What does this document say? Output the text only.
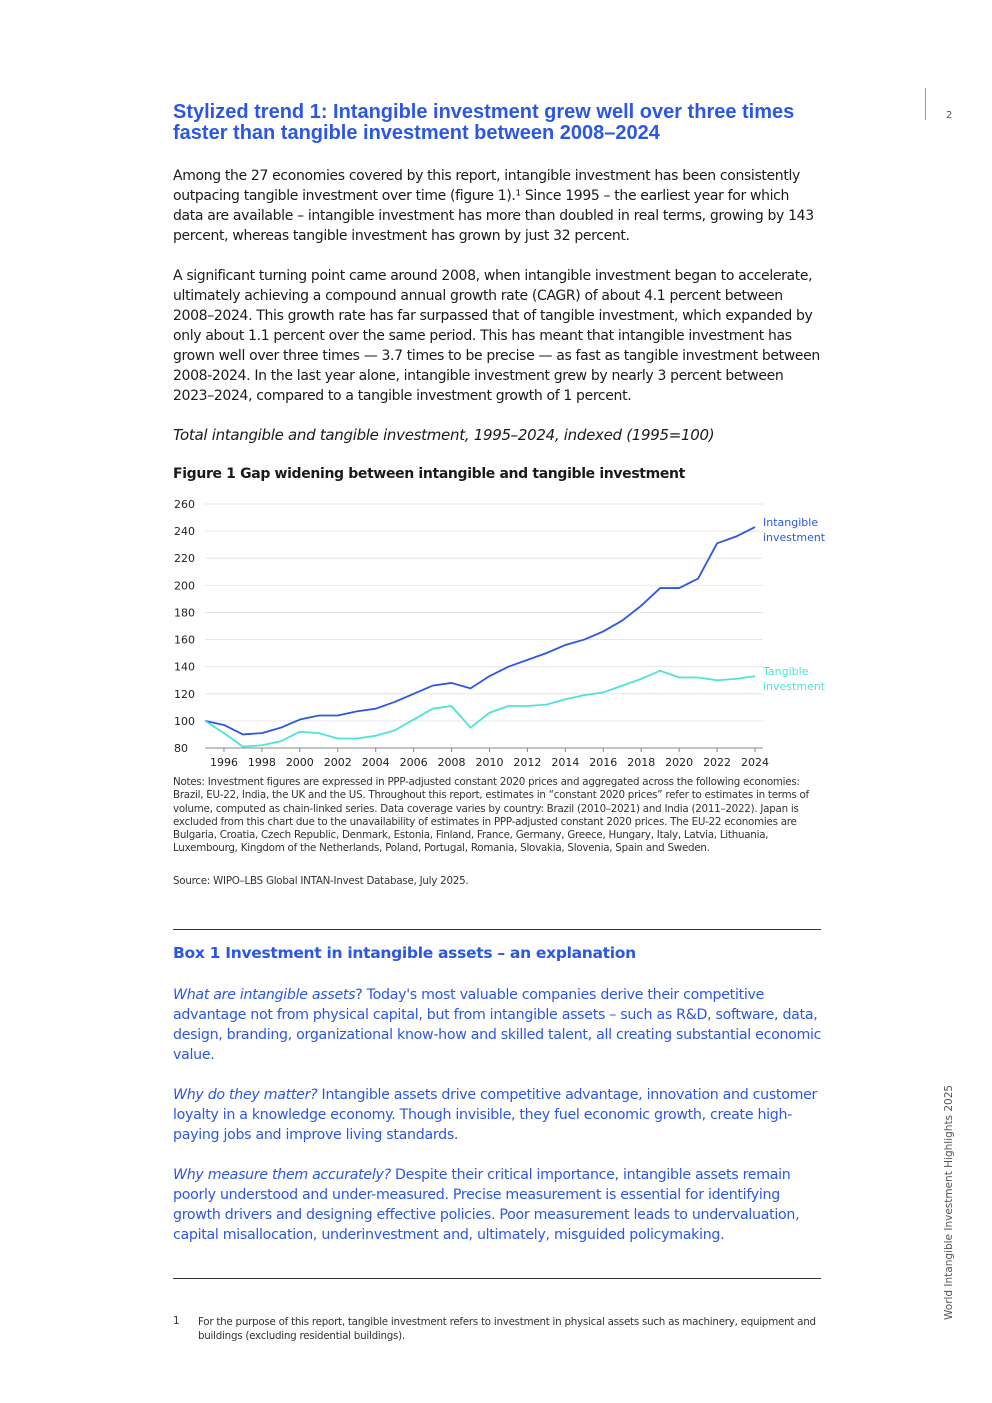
2
World Intangible Investment Highlights 2025
Stylized trend 1: Intangible investment grew well over three times faster than tangible investment between 2008–2024

Among the 27 economies covered by this report, intangible investment has been consistently outpacing tangible investment over time (figure 1).¹ Since 1995 – the earliest year for which data are available – intangible investment has more than doubled in real terms, growing by 143 percent, whereas tangible investment has grown by just 32 percent.

A significant turning point came around 2008, when intangible investment began to accelerate, ultimately achieving a compound annual growth rate (CAGR) of about 4.1 percent between 2008–2024. This growth rate has far surpassed that of tangible investment, which expanded by only about 1.1 percent over the same period. This has meant that intangible investment has grown well over three times — 3.7 times to be precise — as fast as tangible investment between 2008-2024. In the last year alone, intangible investment grew by nearly 3 percent between 2023–2024, compared to a tangible investment growth of 1 percent.

Total intangible and tangible investment, 1995–2024, indexed (1995=100)

Figure 1 Gap widening between intangible and tangible investment

80
100
120
140
160
180
200
220
240
260
1996 1998 2000 2002 2004 2006 2008 2010 2012 2014 2016 2018 2020 2022 2024
Intangible
investment
Tangible
investment

Notes: Investment figures are expressed in PPP-adjusted constant 2020 prices and aggregated across the following economies: Brazil, EU-22, India, the UK and the US. Throughout this report, estimates in “constant 2020 prices” refer to estimates in terms of volume, computed as chain-linked series. Data coverage varies by country: Brazil (2010–2021) and India (2011–2022). Japan is excluded from this chart due to the unavailability of estimates in PPP-adjusted constant 2020 prices. The EU-22 economies are Bulgaria, Croatia, Czech Republic, Denmark, Estonia, Finland, France, Germany, Greece, Hungary, Italy, Latvia, Lithuania, Luxembourg, Kingdom of the Netherlands, Poland, Portugal, Romania, Slovakia, Slovenia, Spain and Sweden.

Source: WIPO–LBS Global INTAN-Invest Database, July 2025.

Box 1 Investment in intangible assets – an explanation

What are intangible assets? Today's most valuable companies derive their competitive advantage not from physical capital, but from intangible assets – such as R&D, software, data, design, branding, organizational know-how and skilled talent, all creating substantial economic value.

Why do they matter? Intangible assets drive competitive advantage, innovation and customer loyalty in a knowledge economy. Though invisible, they fuel economic growth, create high-paying jobs and improve living standards.

Why measure them accurately? Despite their critical importance, intangible assets remain poorly understood and under-measured. Precise measurement is essential for identifying growth drivers and designing effective policies. Poor measurement leads to undervaluation, capital misallocation, underinvestment and, ultimately, misguided policymaking.

1 For the purpose of this report, tangible investment refers to investment in physical assets such as machinery, equipment and buildings (excluding residential buildings).
